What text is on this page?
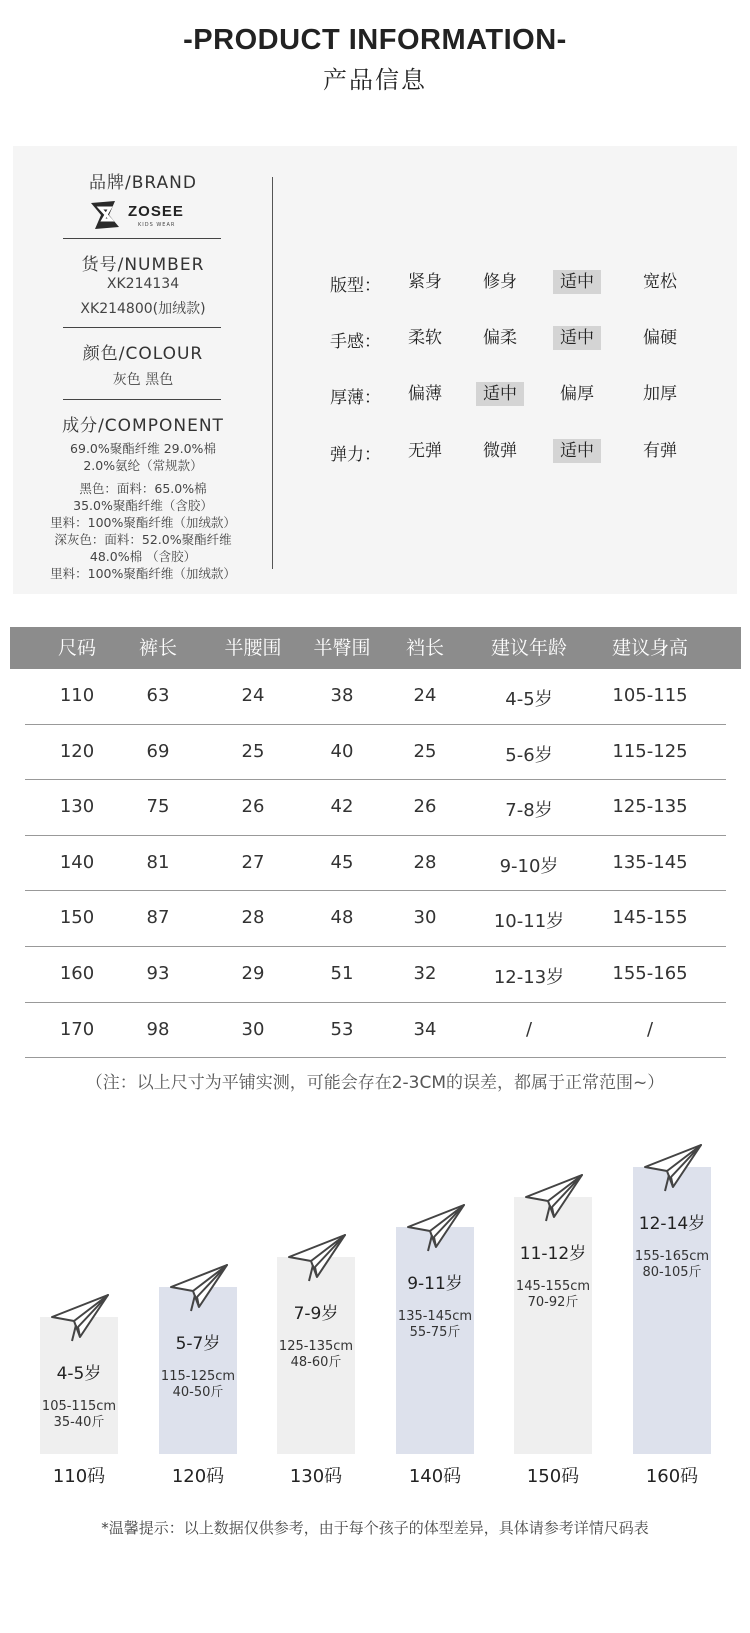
-PRODUCT INFORMATION-
产品信息
品牌/BRAND
ZOSEE
KIDS WEAR
货号/NUMBER
XK214134
XK214800(加绒款)
颜色/COLOUR
灰色 黑色
成分/COMPONENT
69.0%聚酯纤维 29.0%棉
2.0%氨纶（常规款）
黑色：面料：65.0%棉
35.0%聚酯纤维（含胶）
里料：100%聚酯纤维（加绒款）
深灰色：面料：52.0%聚酯纤维
48.0%棉 （含胶）
里料：100%聚酯纤维（加绒款）
版型：	紧身	修身	适中	宽松
手感：	柔软	偏柔	适中	偏硬
厚薄：	偏薄	适中	偏厚	加厚
弹力：	无弹	微弹	适中	有弹
尺码	裤长	半腰围	半臀围	裆长	建议年龄	建议身高
110	63	24	38	24	4-5岁	105-115
120	69	25	40	25	5-6岁	115-125
130	75	26	42	26	7-8岁	125-135
140	81	27	45	28	9-10岁	135-145
150	87	28	48	30	10-11岁	145-155
160	93	29	51	32	12-13岁	155-165
170	98	30	53	34	/	/
（注：以上尺寸为平铺实测，可能会存在2-3CM的误差，都属于正常范围~）
4-5岁
105-115cm
35-40斤
110码
5-7岁
115-125cm
40-50斤
120码
7-9岁
125-135cm
48-60斤
130码
9-11岁
135-145cm
55-75斤
140码
11-12岁
145-155cm
70-92斤
150码
12-14岁
155-165cm
80-105斤
160码
*温馨提示：以上数据仅供参考，由于每个孩子的体型差异，具体请参考详情尺码表
